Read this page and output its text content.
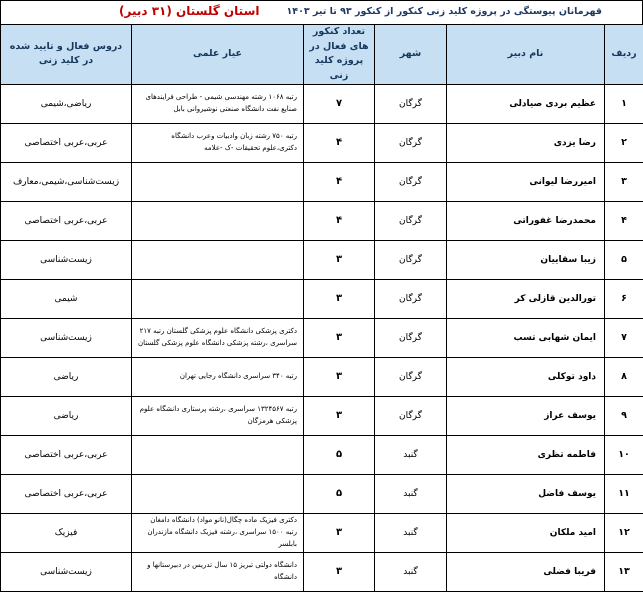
قهرمانان پیوستگی در پروژه کلید زنی کنکور از کنکور ۹۳ تا تیر ۱۴۰۳
استان گلستان (۳۱ دبیر)
ردیف	نام دبیر	شهر	تعداد کنکور های فعال در پروژه کلید زنی	عیار علمی	دروس فعال و تایید شده در کلید زنی
۱	عظیم بردی صیادلی	گرگان	۷	رتبه ۱۰۶۸ رشته مهندسی شیمی - طراحی فرایندهای صنایع نفت دانشگاه صنعتی نوشیروانی بابل	ریاضی،شیمی
۲	رضا یزدی	گرگان	۴	رتبه ۷۵۰ رشته زبان وادبیات وعرب دانشگاه دکتری،علوم تحقیقات -ک -علامه	عربی،عربی اختصاصی
۳	امیررضا لیوانی	گرگان	۴		زیست‌شناسی،شیمی،معارف
۴	محمدرضا غفوراتی	گرگان	۴		عربی،عربی اختصاصی
۵	زیبا سقاییان	گرگان	۳		زیست‌شناسی
۶	تورالدین قازلی کر	گرگان	۳		شیمی
۷	ایمان شهابی تسب	گرگان	۳	دکتری پزشکی دانشگاه علوم پزشکی گلستان رتبه ۲۱۷ سراسری ،رشته پزشکی دانشگاه علوم پزشکی گلستان	زیست‌شناسی
۸	داود توکلی	گرگان	۳	رتبه ۳۴۰ سراسری دانشگاه رجایی تهران	ریاضی
۹	یوسف عراز	گرگان	۳	رتبه ۱۳۲۴۵۶۷ سراسری ،رشته پرستاری دانشگاه علوم پزشکی هرمزگان	ریاضی
۱۰	فاطمه تظری	گنبد	۵		عربی،عربی اختصاصی
۱۱	یوسف فاضل	گنبد	۵		عربی،عربی اختصاصی
۱۲	امید ملکان	گنبد	۳	دکتری فیزیک ماده چگال(نانو مواد) دانشگاه دامغان رتبه ۱۵۰۰ سراسری ،رشته فیزیک دانشگاه مازندران بابلسر	فیزیک
۱۳	فریبا فضلی	گنبد	۳	دانشگاه دولتی تبریز ۱۵ سال تدریس در دبیرستانها و دانشگاه	زیست‌شناسی
